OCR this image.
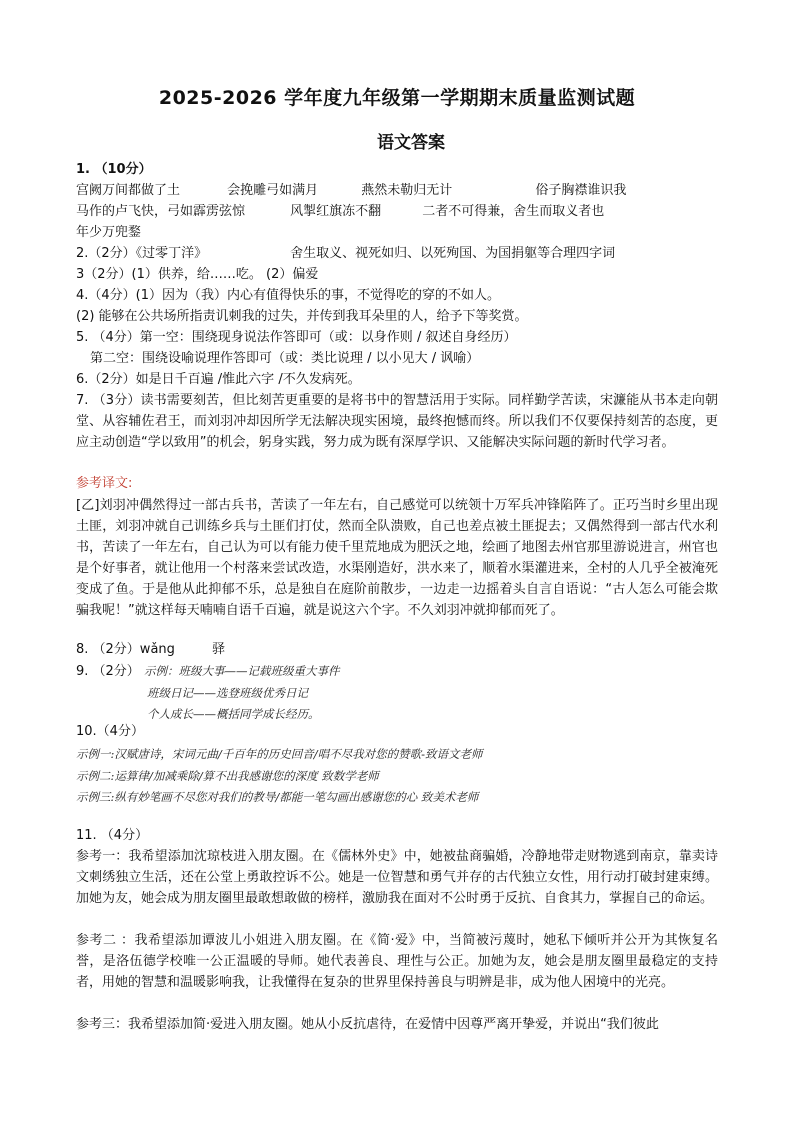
2025-2026 学年度九年级第一学期期末质量监测试题
语文答案
1. （10分）
宫阙万间都做了土	会挽雕弓如满月	燕然未勒归无计	俗子胸襟谁识我
马作的卢飞快，弓如霹雳弦惊	风掣红旗冻不翻	二者不可得兼，舍生而取义者也
年少万兜鍪
2.（2分）《过零丁洋》	舍生取义、视死如归、以死殉国、为国捐躯等合理四字词
3（2分）(1）供养，给……吃。 (2）偏爱
4.（4分）(1）因为（我）内心有值得快乐的事，不觉得吃的穿的不如人。
(2) 能够在公共场所指责讥刺我的过失，并传到我耳朵里的人，给予下等奖赏。
5. （4分）第一空：围绕现身说法作答即可（或：以身作则 / 叙述自身经历）
第二空：围绕设喻说理作答即可（或：类比说理 / 以小见大 / 讽喻）
6.（2分）如是日千百遍 /惟此六字 /不久发病死。
7. （3分）读书需要刻苦，但比刻苦更重要的是将书中的智慧活用于实际。同样勤学苦读，宋濂能从书本走向朝堂、从容辅佐君王，而刘羽冲却因所学无法解决现实困境，最终抱憾而终。所以我们不仅要保持刻苦的态度，更应主动创造“学以致用”的机会，躬身实践，努力成为既有深厚学识、又能解决实际问题的新时代学习者。
参考译文:
[乙]刘羽冲偶然得过一部古兵书，苦读了一年左右，自己感觉可以统领十万军兵冲锋陷阵了。正巧当时乡里出现土匪，刘羽冲就自己训练乡兵与土匪们打仗，然而全队溃败，自己也差点被土匪捉去；又偶然得到一部古代水利书，苦读了一年左右，自己认为可以有能力使千里荒地成为肥沃之地，绘画了地图去州官那里游说进言，州官也是个好事者，就让他用一个村落来尝试改造，水渠刚造好，洪水来了，顺着水渠灌进来，全村的人几乎全被淹死变成了鱼。于是他从此抑郁不乐，总是独自在庭阶前散步，一边走一边摇着头自言自语说：“古人怎么可能会欺骗我呢！”就这样每天喃喃自语千百遍，就是说这六个字。不久刘羽冲就抑郁而死了。
8. （2分）wǎng	驿
9. （2分） 示例：班级大事——记载班级重大事件
班级日记——选登班级优秀日记
个人成长——概括同学成长经历。
10.（4分）
示例一:汉赋唐诗，宋词元曲/千百年的历史回音/唱不尽我对您的赞歌-致语文老师
示例二:运算律/加减乘除/算不出我感谢您的深度 致数学老师
示例三:纵有妙笔画不尽您对我们的教导/都能一笔勾画出感谢您的心 致美术老师
11. （4分）
参考一：我希望添加沈琼枝进入朋友圈。在《儒林外史》中，她被盐商骗婚，冷静地带走财物逃到南京，靠卖诗文刺绣独立生活，还在公堂上勇敢控诉不公。她是一位智慧和勇气并存的古代独立女性，用行动打破封建束缚。加她为友，她会成为朋友圈里最敢想敢做的榜样，激励我在面对不公时勇于反抗、自食其力，掌握自己的命运。
参考二 ：我希望添加谭波儿小姐进入朋友圈。在《简·爱》中，当简被污蔑时，她私下倾听并公开为其恢复名誉，是洛伍德学校唯一公正温暖的导师。她代表善良、理性与公正。加她为友，她会是朋友圈里最稳定的支持者，用她的智慧和温暖影响我，让我懂得在复杂的世界里保持善良与明辨是非，成为他人困境中的光亮。
参考三：我希望添加简·爱进入朋友圈。她从小反抗虐待，在爱情中因尊严离开挚爱，并说出“我们彼此
